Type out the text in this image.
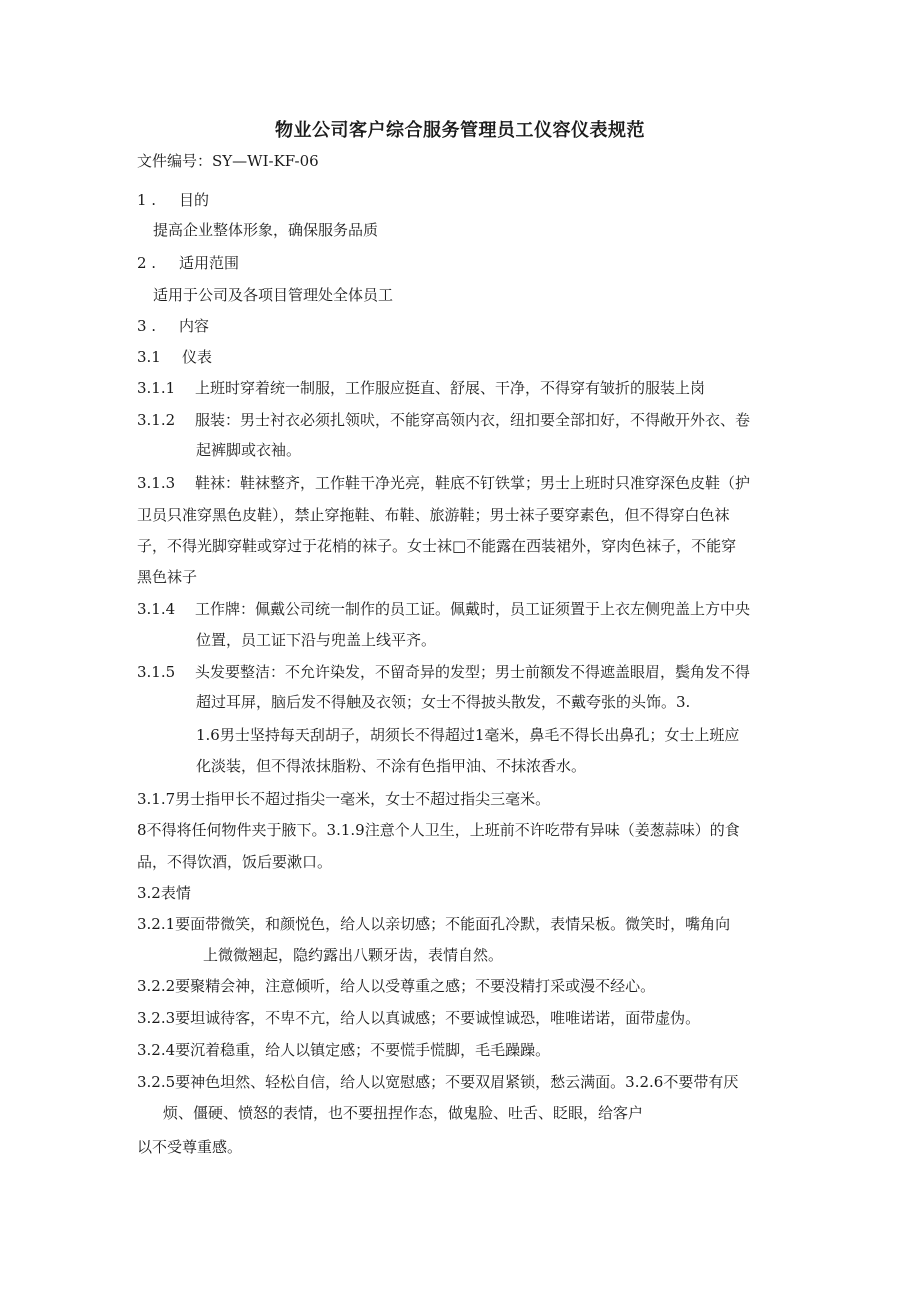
物业公司客户综合服务管理员工仪容仪表规范
文件编号：SY—WI-KF-06
1 . 目的
提高企业整体形象，确保服务品质
2 . 适用范围
适用于公司及各项目管理处全体员工
3 . 内容
3.1 仪表
3.1.1 上班时穿着统一制服，工作服应挺直、舒展、干净，不得穿有皱折的服装上岗
3.1.2 服装：男士衬衣必须扎领吠，不能穿高领内衣，纽扣要全部扣好，不得敞开外衣、卷
起裤脚或衣袖。
3.1.3 鞋袜：鞋袜整齐，工作鞋干净光亮，鞋底不钉铁掌；男士上班时只准穿深色皮鞋（护
卫员只准穿黑色皮鞋），禁止穿拖鞋、布鞋、旅游鞋；男士袜子要穿素色，但不得穿白色袜
子，不得光脚穿鞋或穿过于花梢的袜子。女士袜□不能露在西装裙外，穿肉色袜子，不能穿
黑色袜子
3.1.4 工作牌：佩戴公司统一制作的员工证。佩戴时，员工证须置于上衣左侧兜盖上方中央
位置，员工证下沿与兜盖上线平齐。
3.1.5 头发要整洁：不允许染发，不留奇异的发型；男士前额发不得遮盖眼眉，鬓角发不得
超过耳屏，脑后发不得触及衣领；女士不得披头散发，不戴夸张的头饰。3.
1.6男士坚持每天刮胡子，胡须长不得超过1毫米，鼻毛不得长出鼻孔；女士上班应
化淡装，但不得浓抹脂粉、不涂有色指甲油、不抹浓香水。
3.1.7男士指甲长不超过指尖一毫米，女士不超过指尖三毫米。
8不得将任何物件夹于腋下。3.1.9注意个人卫生，上班前不许吃带有异味（姜葱蒜味）的食
品，不得饮酒，饭后要漱口。
3.2表情
3.2.1要面带微笑，和颜悦色，给人以亲切感；不能面孔冷默，表情呆板。微笑时，嘴角向
上微微翘起，隐约露出八颗牙齿，表情自然。
3.2.2要聚精会神，注意倾听，给人以受尊重之感；不要没精打采或漫不经心。
3.2.3要坦诚待客，不卑不亢，给人以真诚感；不要诚惶诚恐，唯唯诺诺，面带虚伪。
3.2.4要沉着稳重，给人以镇定感；不要慌手慌脚，毛毛躁躁。
3.2.5要神色坦然、轻松自信，给人以宽慰感；不要双眉紧锁，愁云满面。3.2.6不要带有厌
烦、僵硬、愤怒的表情，也不要扭捏作态，做鬼脸、吐舌、眨眼，给客户
以不受尊重感。
